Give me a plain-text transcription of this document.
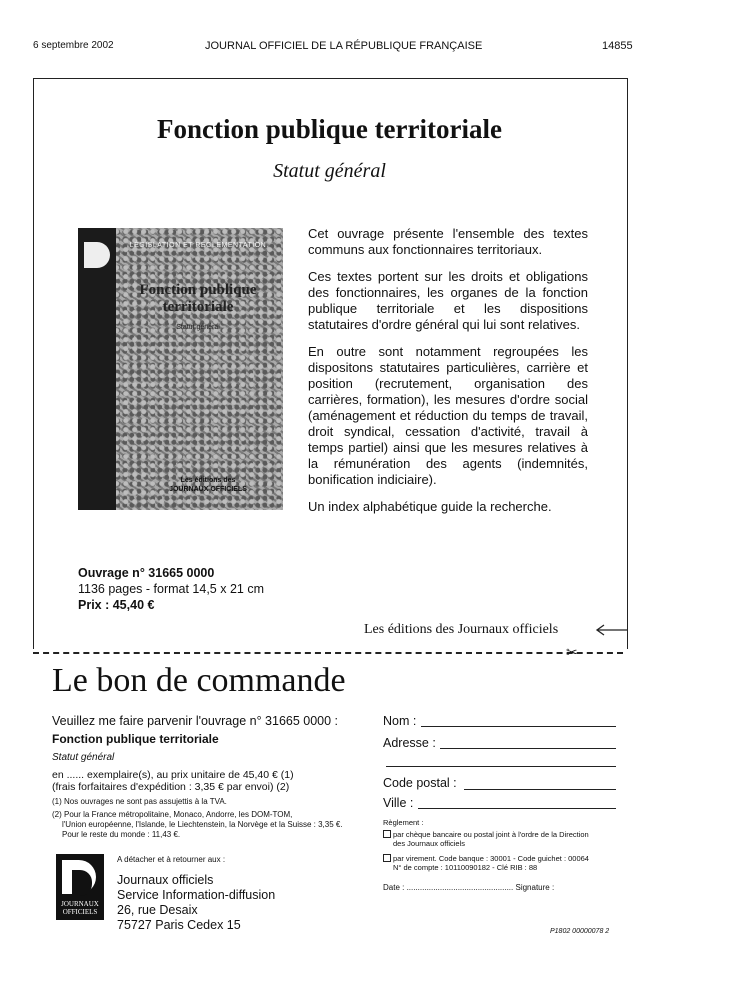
6 septembre 2002	JOURNAL OFFICIEL DE LA RÉPUBLIQUE FRANÇAISE	14855
Fonction publique territoriale
Statut général
LÉGISLATION ET RÉGLEMENTATION
Fonction publique territoriale
Statut général
Les éditions des
JOURNAUX OFFICIELS

Cet ouvrage présente l'ensemble des textes communs aux fonctionnaires territoriaux.

Ces textes portent sur les droits et obligations des fonctionnaires, les organes de la fonction publique territoriale et les dispositions statutaires d'ordre général qui lui sont relatives.

En outre sont notamment regroupées les dispositons statutaires particulières, carrière et position (recrutement, organisation des carrières, formation), les mesures d'ordre social (aménagement et réduction du temps de travail, droit syndical, cessation d'activité, travail à temps partiel) ainsi que les mesures relatives à la rémunération des agents (indemnités, bonification indiciaire).

Un index alphabétique guide la recherche.

Ouvrage n° 31665 0000
1136 pages - format 14,5 x 21 cm
Prix : 45,40 €
Les éditions des Journaux officiels
✂
Le bon de commande
Veuillez me faire parvenir l'ouvrage n° 31665 0000 :
Fonction publique territoriale
Statut général
en ...... exemplaire(s), au prix unitaire de 45,40 € (1)
(frais forfaitaires d'expédition : 3,35 € par envoi) (2)
(1) Nos ouvrages ne sont pas assujettis à la TVA.
(2) Pour la France métropolitaine, Monaco, Andorre, les DOM-TOM,
l'Union européenne, l'Islande, le Liechtenstein, la Norvège et la Suisse : 3,35 €.
Pour le reste du monde : 11,43 €.
JOURNAUX
OFFICIELS
A détacher et à retourner aux :
Journaux officiels
Service Information-diffusion
26, rue Desaix
75727 Paris Cedex 15
Nom :
Adresse :
Code postal :
Ville :
Règlement :
par chèque bancaire ou postal joint à l'ordre de la Direction
des Journaux officiels
par virement. Code banque : 30001 - Code guichet : 00064
N° de compte : 10110090182 - Clé RIB : 88
Date : ................................................ Signature :
P1802 00000078 2
